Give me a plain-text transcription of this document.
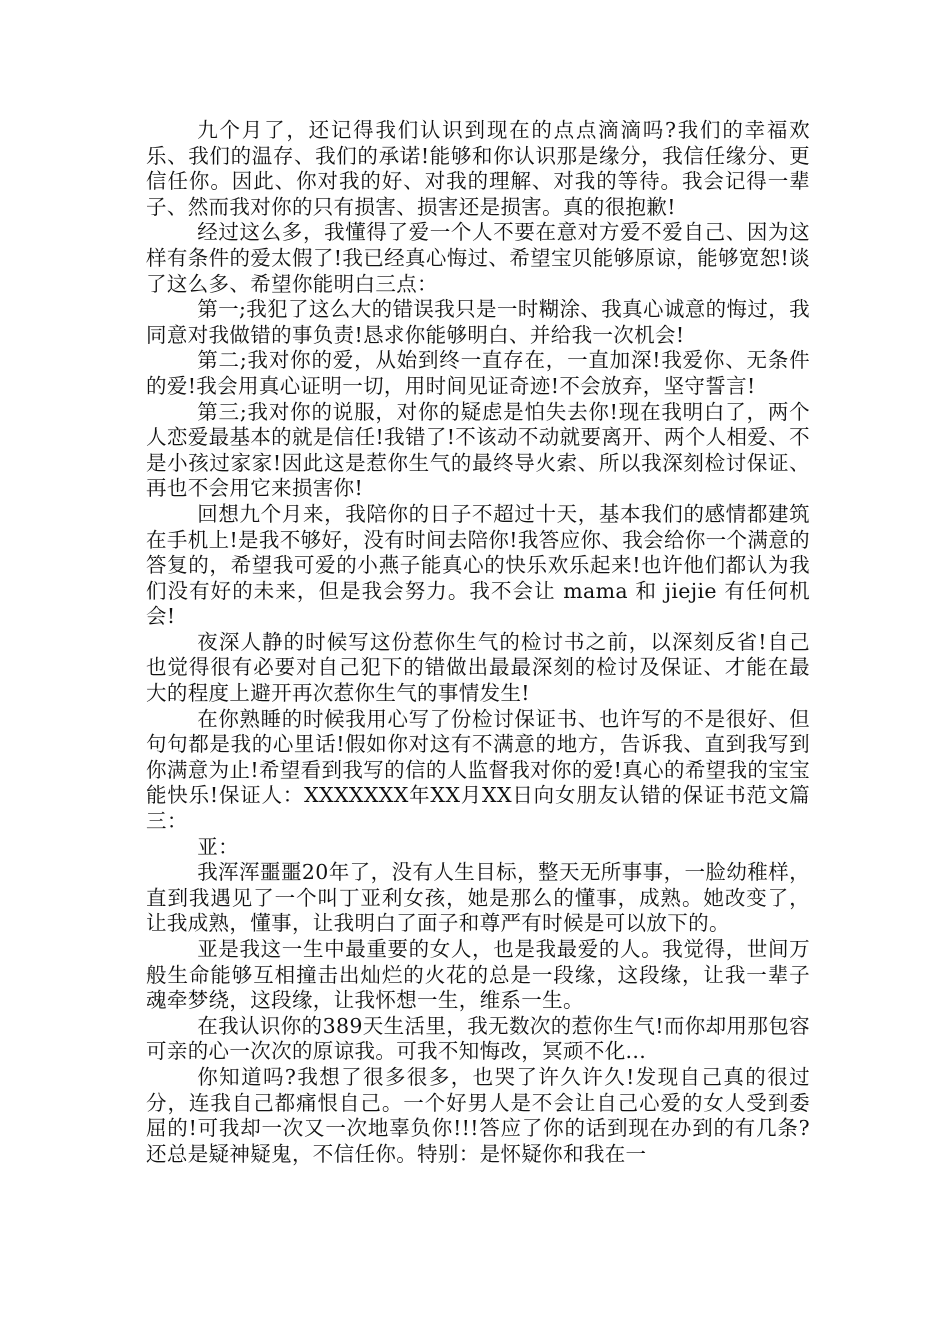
九个月了，还记得我们认识到现在的点点滴滴吗?我们的幸福欢乐、我们的温存、我们的承诺!能够和你认识那是缘分，我信任缘分、更信任你。因此、你对我的好、对我的理解、对我的等待。我会记得一辈子、然而我对你的只有损害、损害还是损害。真的很抱歉!

经过这么多，我懂得了爱一个人不要在意对方爱不爱自己、因为这样有条件的爱太假了!我已经真心悔过、希望宝贝能够原谅，能够宽恕!谈了这么多、希望你能明白三点：

第一;我犯了这么大的错误我只是一时糊涂、我真心诚意的悔过，我同意对我做错的事负责!恳求你能够明白、并给我一次机会!

第二;我对你的爱，从始到终一直存在，一直加深!我爱你、无条件的爱!我会用真心证明一切，用时间见证奇迹!不会放弃，坚守誓言!

第三;我对你的说服，对你的疑虑是怕失去你!现在我明白了，两个人恋爱最基本的就是信任!我错了!不该动不动就要离开、两个人相爱、不是小孩过家家!因此这是惹你生气的最终导火索、所以我深刻检讨保证、再也不会用它来损害你!

回想九个月来，我陪你的日子不超过十天，基本我们的感情都建筑在手机上!是我不够好，没有时间去陪你!我答应你、我会给你一个满意的答复的，希望我可爱的小燕子能真心的快乐欢乐起来!也许他们都认为我们没有好的未来，但是我会努力。我不会让 mama 和 jiejie 有任何机会!

夜深人静的时候写这份惹你生气的检讨书之前，以深刻反省!自己也觉得很有必要对自己犯下的错做出最最深刻的检讨及保证、才能在最大的程度上避开再次惹你生气的事情发生!

在你熟睡的时候我用心写了份检讨保证书、也许写的不是很好、但句句都是我的心里话!假如你对这有不满意的地方，告诉我、直到我写到你满意为止!希望看到我写的信的人监督我对你的爱!真心的希望我的宝宝能快乐!保证人：XXXXXXX年XX月XX日向女朋友认错的保证书范文篇三：

亚：

我浑浑噩噩20年了，没有人生目标，整天无所事事，一脸幼稚样，直到我遇见了一个叫丁亚利女孩，她是那么的懂事，成熟。她改变了，让我成熟，懂事，让我明白了面子和尊严有时候是可以放下的。

亚是我这一生中最重要的女人，也是我最爱的人。我觉得，世间万般生命能够互相撞击出灿烂的火花的总是一段缘，这段缘，让我一辈子魂牵梦绕，这段缘，让我怀想一生，维系一生。

在我认识你的389天生活里，我无数次的惹你生气!而你却用那包容可亲的心一次次的原谅我。可我不知悔改，冥顽不化...

你知道吗?我想了很多很多，也哭了许久许久!发现自己真的很过分，连我自己都痛恨自己。一个好男人是不会让自己心爱的女人受到委屈的!可我却一次又一次地辜负你!!!答应了你的话到现在办到的有几条?还总是疑神疑鬼，不信任你。特别：是怀疑你和我在一
